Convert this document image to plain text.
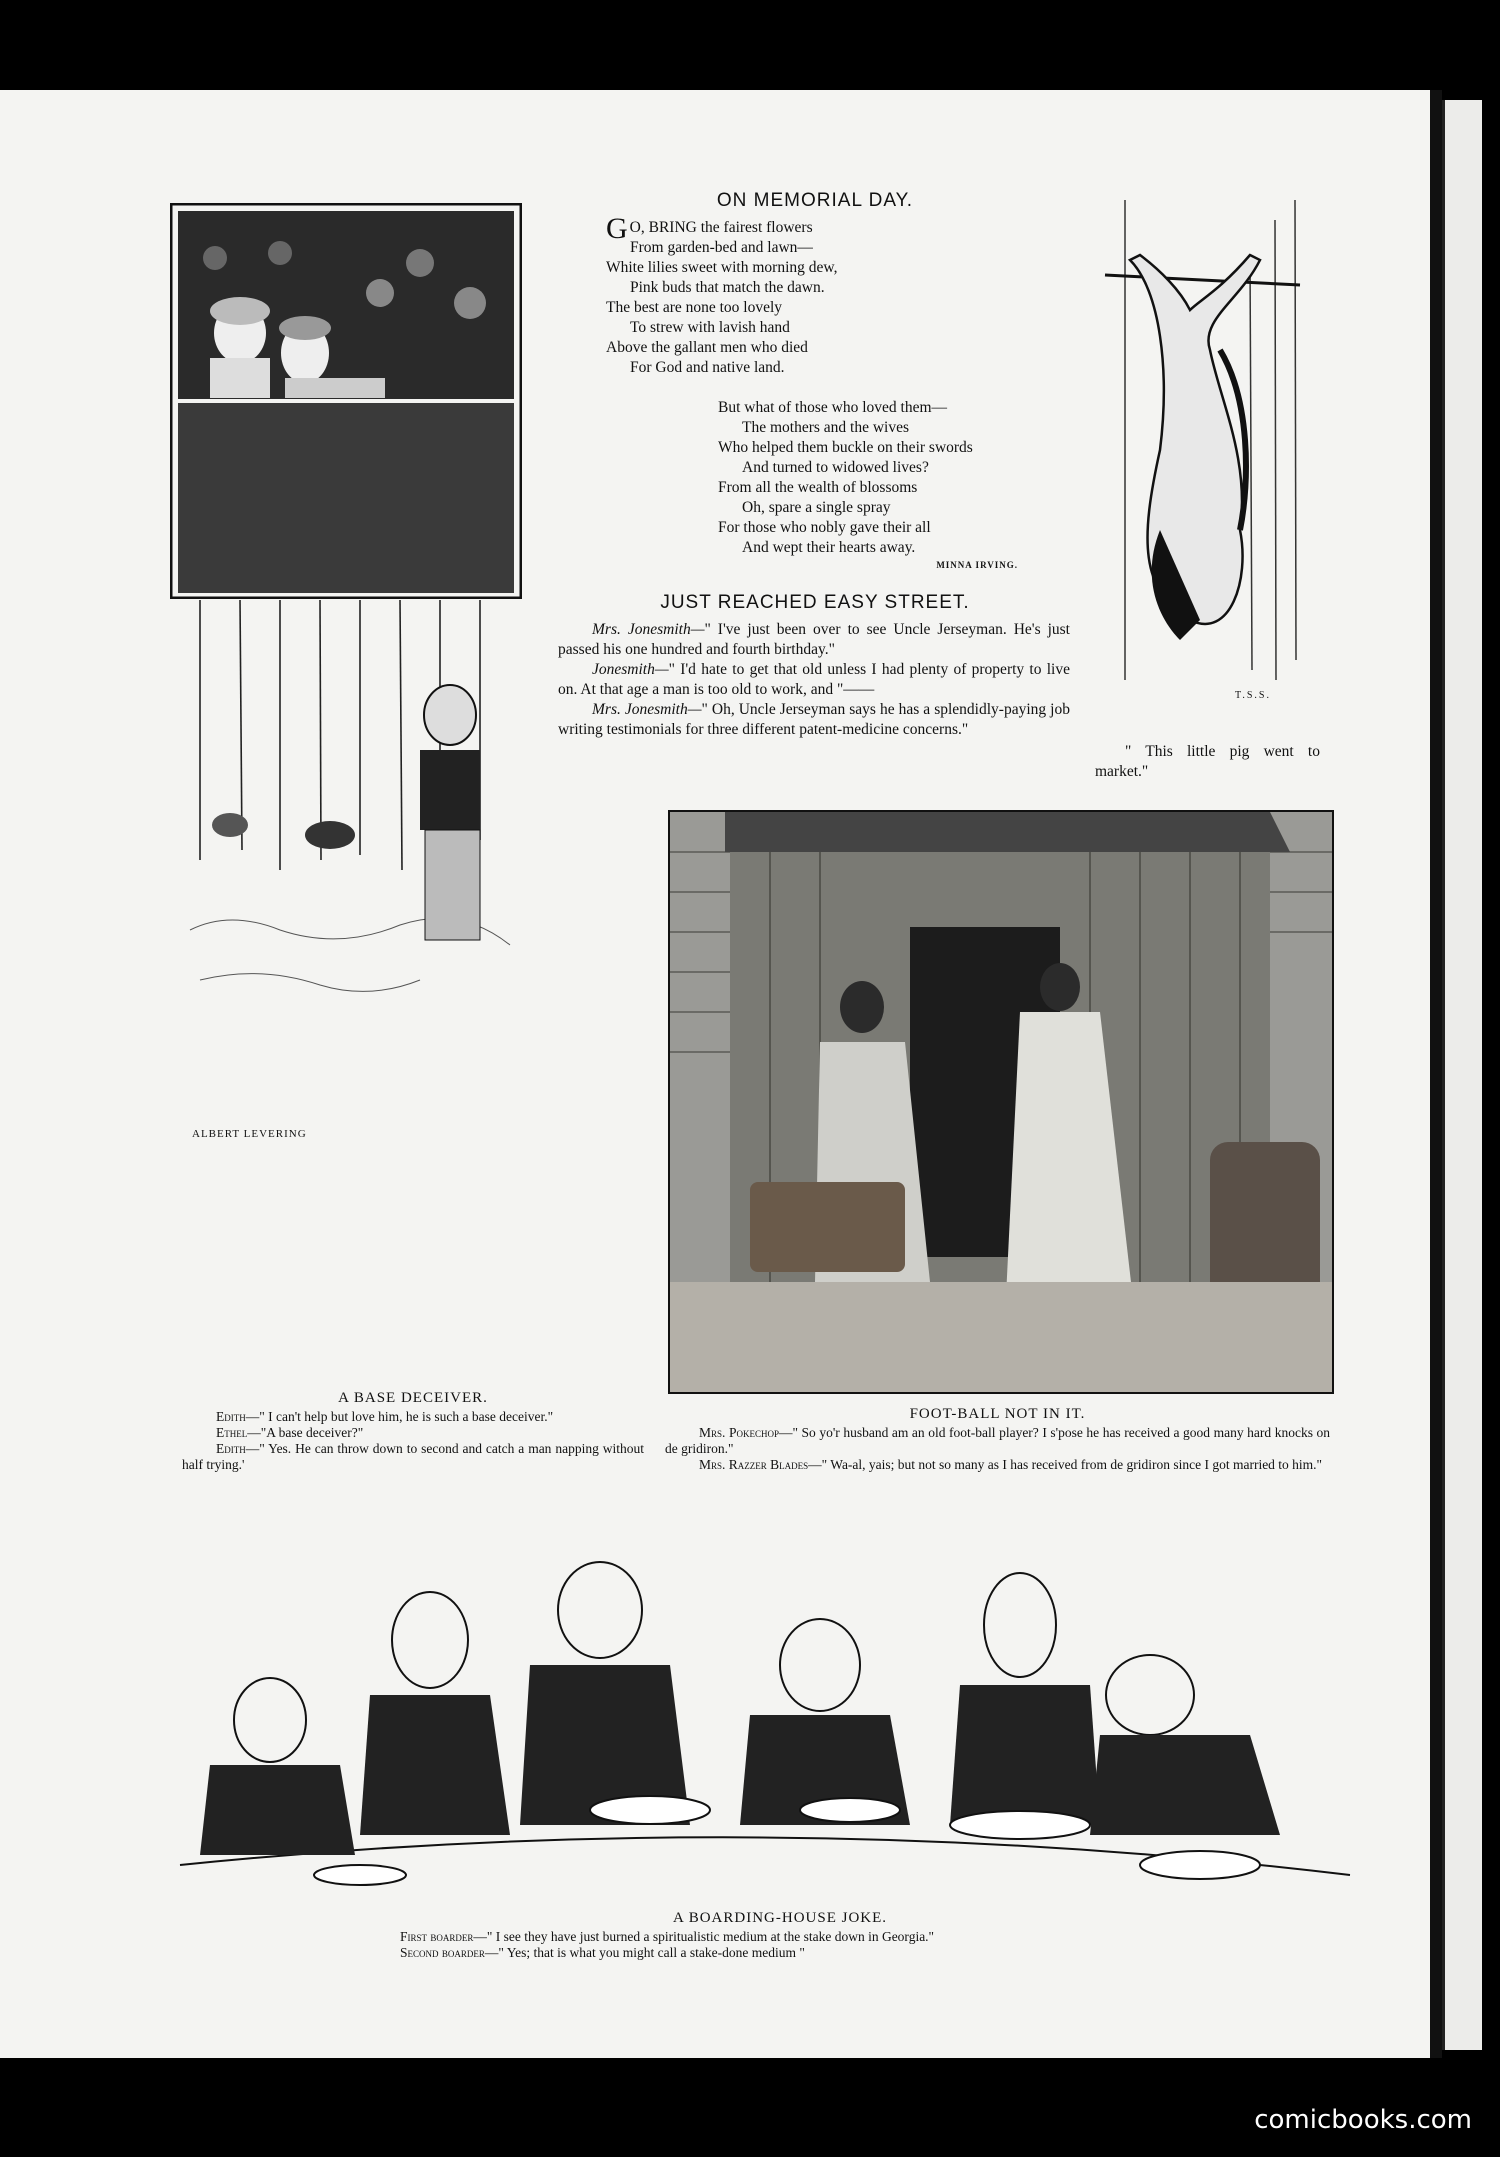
ALBERT LEVERING
ON MEMORIAL DAY.

G O, BRING the fairest flowers

From garden-bed and lawn—

White lilies sweet with morning dew,

Pink buds that match the dawn.

The best are none too lovely

To strew with lavish hand

Above the gallant men who died

For God and native land.

But what of those who loved them—

The mothers and the wives

Who helped them buckle on their swords

And turned to widowed lives?

From all the wealth of blossoms

Oh, spare a single spray

For those who nobly gave their all

And wept their hearts away.

MINNA IRVING.
JUST REACHED EASY STREET.

Mrs. Jonesmith—" I've just been over to see Uncle Jerseyman. He's just passed his one hundred and fourth birthday."

Jonesmith—" I'd hate to get that old unless I had plenty of property to live on. At that age a man is too old to work, and "——

Mrs. Jonesmith—" Oh, Uncle Jerseyman says he has a splendidly-paying job writing testimonials for three different patent-medicine concerns."

T.S.S.

" This little pig went to market."

A BASE DECEIVER.

Edith—" I can't help but love him, he is such a base deceiver."

Ethel—"A base deceiver?"

Edith—" Yes. He can throw down to second and catch a man napping without half trying.'

FOOT-BALL NOT IN IT.

Mrs. Pokechop—" So yo'r husband am an old foot-ball player? I s'pose he has received a good many hard knocks on de gridiron."

Mrs. Razzer Blades—" Wa-al, yais; but not so many as I has received from de gridiron since I got married to him."

A BOARDING-HOUSE JOKE.

First boarder—" I see they have just burned a spiritualistic medium at the stake down in Georgia."

Second boarder—" Yes; that is what you might call a stake-done medium "

comicbooks.com
